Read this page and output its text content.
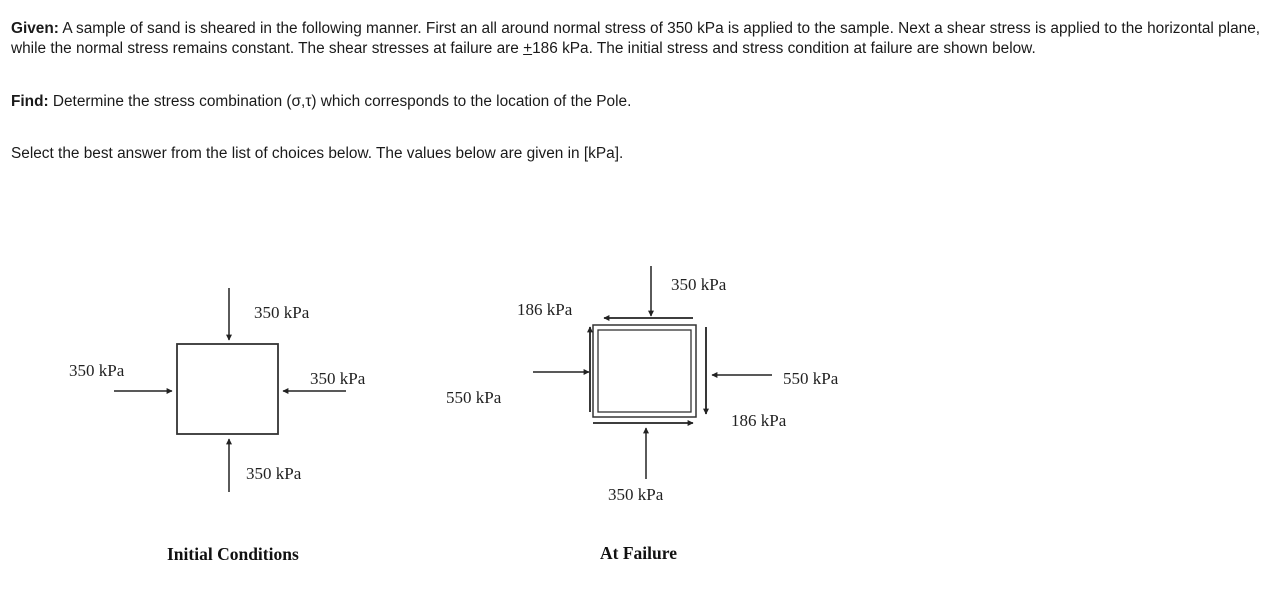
Given: A sample of sand is sheared in the following manner. First an all around normal stress of 350 kPa is applied to the sample. Next a shear stress is applied to the horizontal plane, while the normal stress remains constant. The shear stresses at failure are +186 kPa. The initial stress and stress condition at failure are shown below.

Find: Determine the stress combination (σ,τ) which corresponds to the location of the Pole.

Select the best answer from the list of choices below. The values below are given in [kPa].

350 kPa
350 kPa
350 kPa	350 kPa
Initial Conditions
350 kPa
350 kPa
550 kPa
550 kPa
186 kPa
186 kPa
At Failure
